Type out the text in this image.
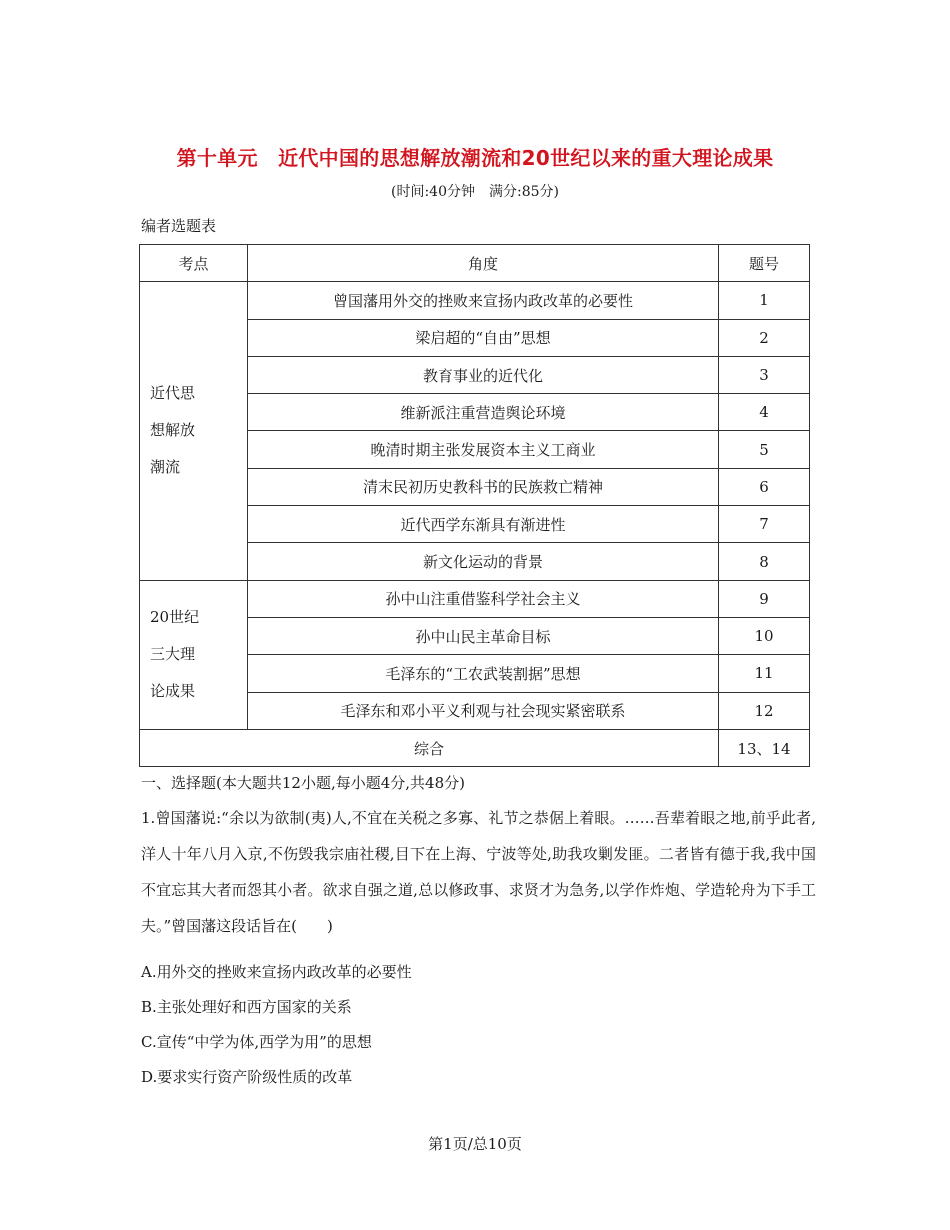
第十单元　近代中国的思想解放潮流和20世纪以来的重大理论成果
(时间:40分钟　满分:85分)
编者选题表
考点	角度	题号

近代思
想解放
潮流	曾国藩用外交的挫败来宣扬内政改革的必要性	1
	梁启超的“自由”思想	2
	教育事业的近代化	3
	维新派注重营造舆论环境	4
	晚清时期主张发展资本主义工商业	5
	清末民初历史教科书的民族救亡精神	6
	近代西学东渐具有渐进性	7
	新文化运动的背景	8

20世纪
三大理
论成果	孙中山注重借鉴科学社会主义	9
	孙中山民主革命目标	10
	毛泽东的“工农武装割据”思想	11
	毛泽东和邓小平义利观与社会现实紧密联系	12
综合		13、14
一、选择题(本大题共12小题,每小题4分,共48分)

1.曾国藩说:“余以为欲制(夷)人,不宜在关税之多寡、礼节之恭倨上着眼。……吾辈着眼之地,前乎此者,洋人十年八月入京,不伤毁我宗庙社稷,目下在上海、宁波等处,助我攻剿发匪。二者皆有德于我,我中国不宜忘其大者而怨其小者。欲求自强之道,总以修政事、求贤才为急务,以学作炸炮、学造轮舟为下手工夫。”曾国藩这段话旨在(　　)

A.用外交的挫败来宣扬内政改革的必要性
B.主张处理好和西方国家的关系
C.宣传“中学为体,西学为用”的思想
D.要求实行资产阶级性质的改革
第1页/总10页
